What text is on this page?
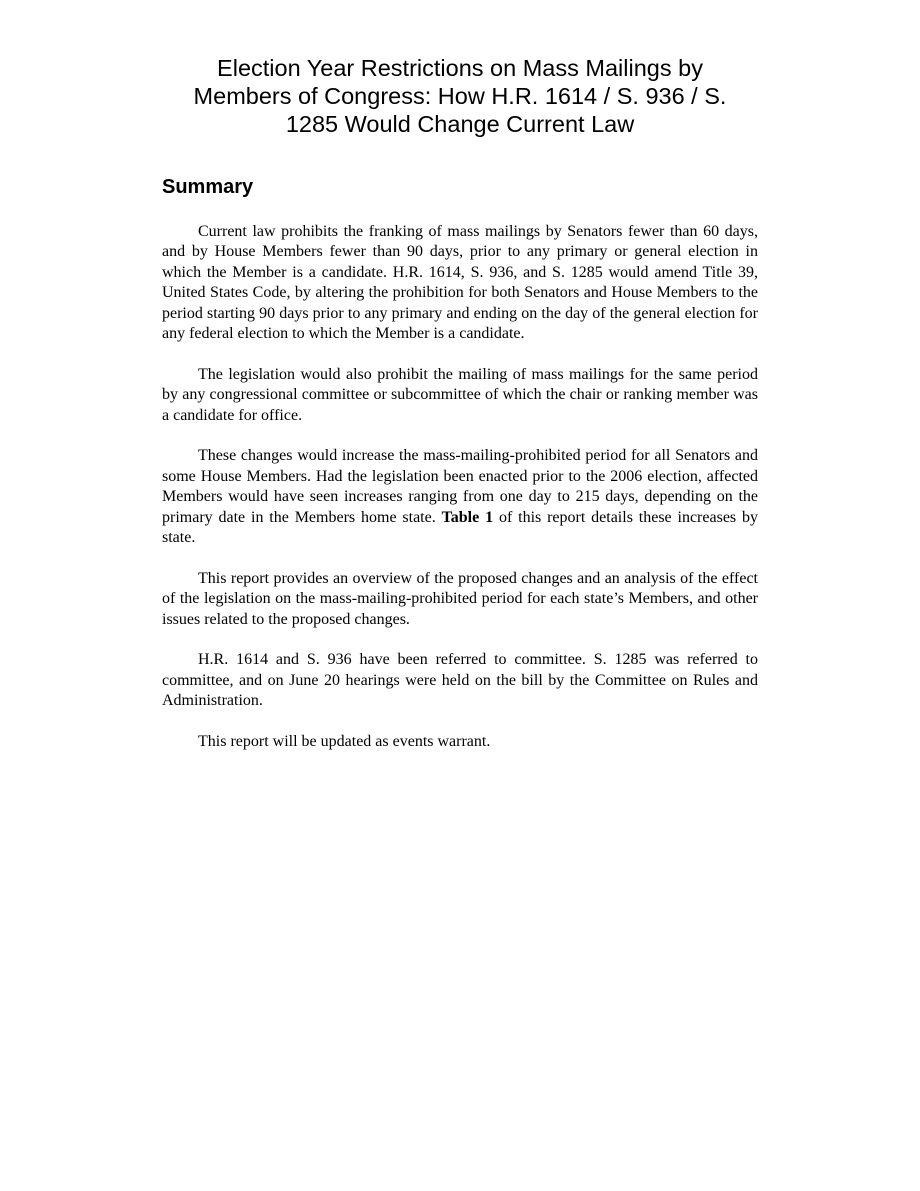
Election Year Restrictions on Mass Mailings by Members of Congress: How H.R. 1614 / S. 936 / S. 1285 Would Change Current Law
Summary

Current law prohibits the franking of mass mailings by Senators fewer than 60 days, and by House Members fewer than 90 days, prior to any primary or general election in which the Member is a candidate. H.R. 1614, S. 936, and S. 1285 would amend Title 39, United States Code, by altering the prohibition for both Senators and House Members to the period starting 90 days prior to any primary and ending on the day of the general election for any federal election to which the Member is a candidate.

The legislation would also prohibit the mailing of mass mailings for the same period by any congressional committee or subcommittee of which the chair or ranking member was a candidate for office.

These changes would increase the mass-mailing-prohibited period for all Senators and some House Members. Had the legislation been enacted prior to the 2006 election, affected Members would have seen increases ranging from one day to 215 days, depending on the primary date in the Members home state. Table 1 of this report details these increases by state.

This report provides an overview of the proposed changes and an analysis of the effect of the legislation on the mass-mailing-prohibited period for each state’s Members, and other issues related to the proposed changes.

H.R. 1614 and S. 936 have been referred to committee. S. 1285 was referred to committee, and on June 20 hearings were held on the bill by the Committee on Rules and Administration.

This report will be updated as events warrant.
